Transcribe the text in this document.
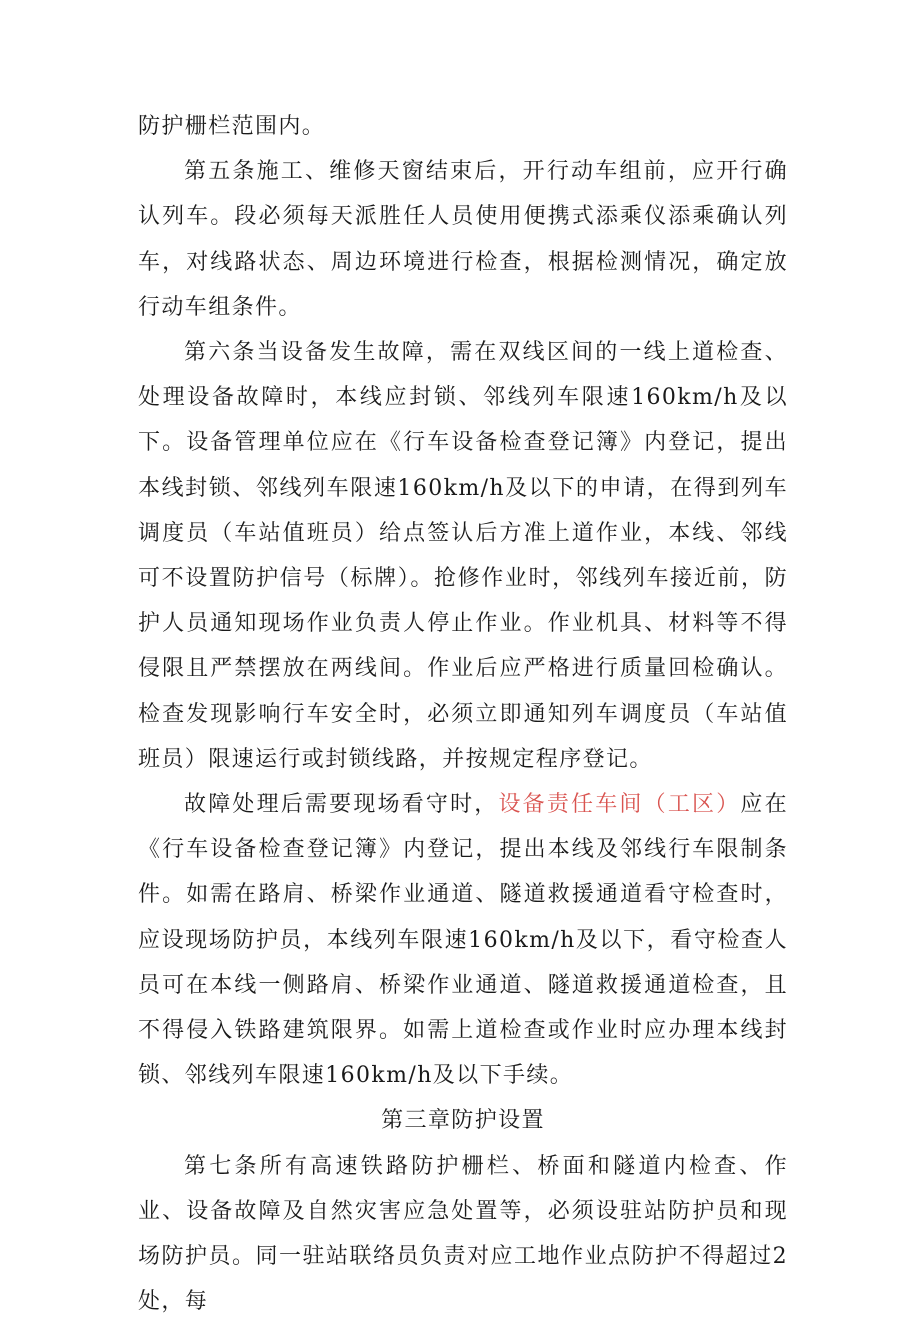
防护栅栏范围内。

第五条施工、维修天窗结束后，开行动车组前，应开行确认列车。段必须每天派胜任人员使用便携式添乘仪添乘确认列车，对线路状态、周边环境进行检查，根据检测情况，确定放行动车组条件。

第六条当设备发生故障，需在双线区间的一线上道检查、处理设备故障时，本线应封锁、邻线列车限速160km/h及以下。设备管理单位应在《行车设备检查登记簿》内登记，提出本线封锁、邻线列车限速160km/h及以下的申请，在得到列车调度员（车站值班员）给点签认后方准上道作业，本线、邻线可不设置防护信号（标牌）。抢修作业时，邻线列车接近前，防护人员通知现场作业负责人停止作业。作业机具、材料等不得侵限且严禁摆放在两线间。作业后应严格进行质量回检确认。检查发现影响行车安全时，必须立即通知列车调度员（车站值班员）限速运行或封锁线路，并按规定程序登记。

故障处理后需要现场看守时，设备责任车间（工区）应在《行车设备检查登记簿》内登记，提出本线及邻线行车限制条件。如需在路肩、桥梁作业通道、隧道救援通道看守检查时，应设现场防护员，本线列车限速160km/h及以下，看守检查人员可在本线一侧路肩、桥梁作业通道、隧道救援通道检查，且不得侵入铁路建筑限界。如需上道检查或作业时应办理本线封锁、邻线列车限速160km/h及以下手续。

第三章防护设置

第七条所有高速铁路防护栅栏、桥面和隧道内检查、作业、设备故障及自然灾害应急处置等，必须设驻站防护员和现场防护员。同一驻站联络员负责对应工地作业点防护不得超过2处，每
